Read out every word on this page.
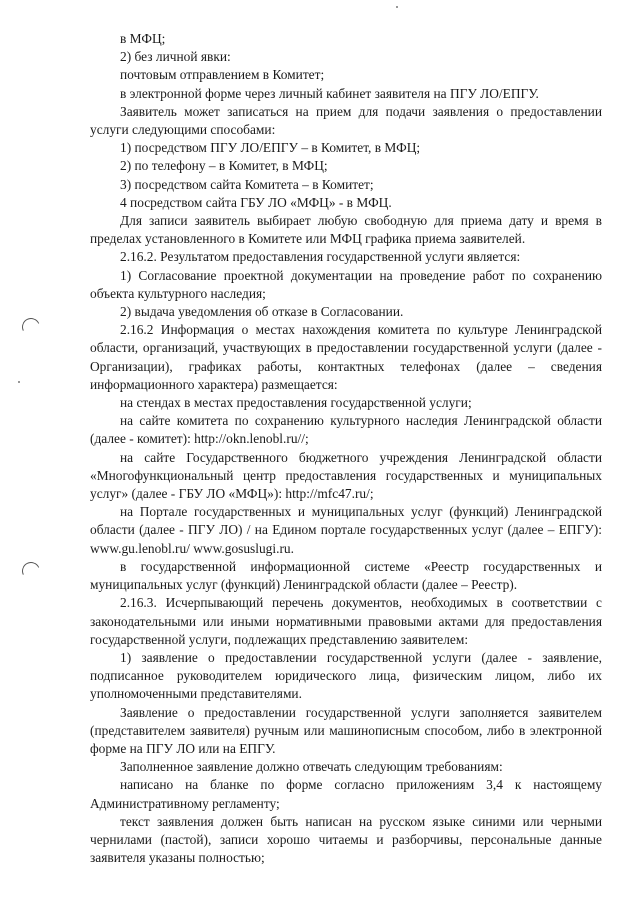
в МФЦ;

2) без личной явки:

почтовым отправлением в Комитет;

в электронной форме через личный кабинет заявителя на ПГУ ЛО/ЕПГУ.

Заявитель может записаться на прием для подачи заявления о предоставлении услуги следующими способами:

1) посредством ПГУ ЛО/ЕПГУ – в Комитет, в МФЦ;

2) по телефону – в Комитет, в МФЦ;

3) посредством сайта Комитета – в Комитет;

4 посредством сайта ГБУ ЛО «МФЦ» - в МФЦ.

Для записи заявитель выбирает любую свободную для приема дату и время в пределах установленного в Комитете или МФЦ графика приема заявителей.

2.16.2. Результатом предоставления государственной услуги является:

1) Согласование проектной документации на проведение работ по сохранению объекта культурного наследия;

2) выдача уведомления об отказе в Согласовании.

2.16.2 Информация о местах нахождения комитета по культуре Ленинградской области, организаций, участвующих в предоставлении государственной услуги (далее - Организации), графиках работы, контактных телефонах (далее – сведения информационного характера) размещается:

на стендах в местах предоставления государственной услуги;

на сайте комитета по сохранению культурного наследия Ленинградской области (далее - комитет): http://okn.lenobl.ru//;

на сайте Государственного бюджетного учреждения Ленинградской области «Многофункциональный центр предоставления государственных и муниципальных услуг» (далее - ГБУ ЛО «МФЦ»): http://mfc47.ru/;

на Портале государственных и муниципальных услуг (функций) Ленинградской области (далее - ПГУ ЛО) / на Едином портале государственных услуг (далее – ЕПГУ): www.gu.lenobl.ru/ www.gosuslugi.ru.

в государственной информационной системе «Реестр государственных и муниципальных услуг (функций) Ленинградской области (далее – Реестр).

2.16.3. Исчерпывающий перечень документов, необходимых в соответствии с законодательными или иными нормативными правовыми актами для предоставления государственной услуги, подлежащих представлению заявителем:

1) заявление о предоставлении государственной услуги (далее - заявление, подписанное руководителем юридического лица, физическим лицом, либо их уполномоченными представителями.

Заявление о предоставлении государственной услуги заполняется заявителем (представителем заявителя) ручным или машинописным способом, либо в электронной форме на ПГУ ЛО или на ЕПГУ.

Заполненное заявление должно отвечать следующим требованиям:

написано на бланке по форме согласно приложениям 3,4 к настоящему Административному регламенту;

текст заявления должен быть написан на русском языке синими или черными чернилами (пастой), записи хорошо читаемы и разборчивы, персональные данные заявителя указаны полностью;
